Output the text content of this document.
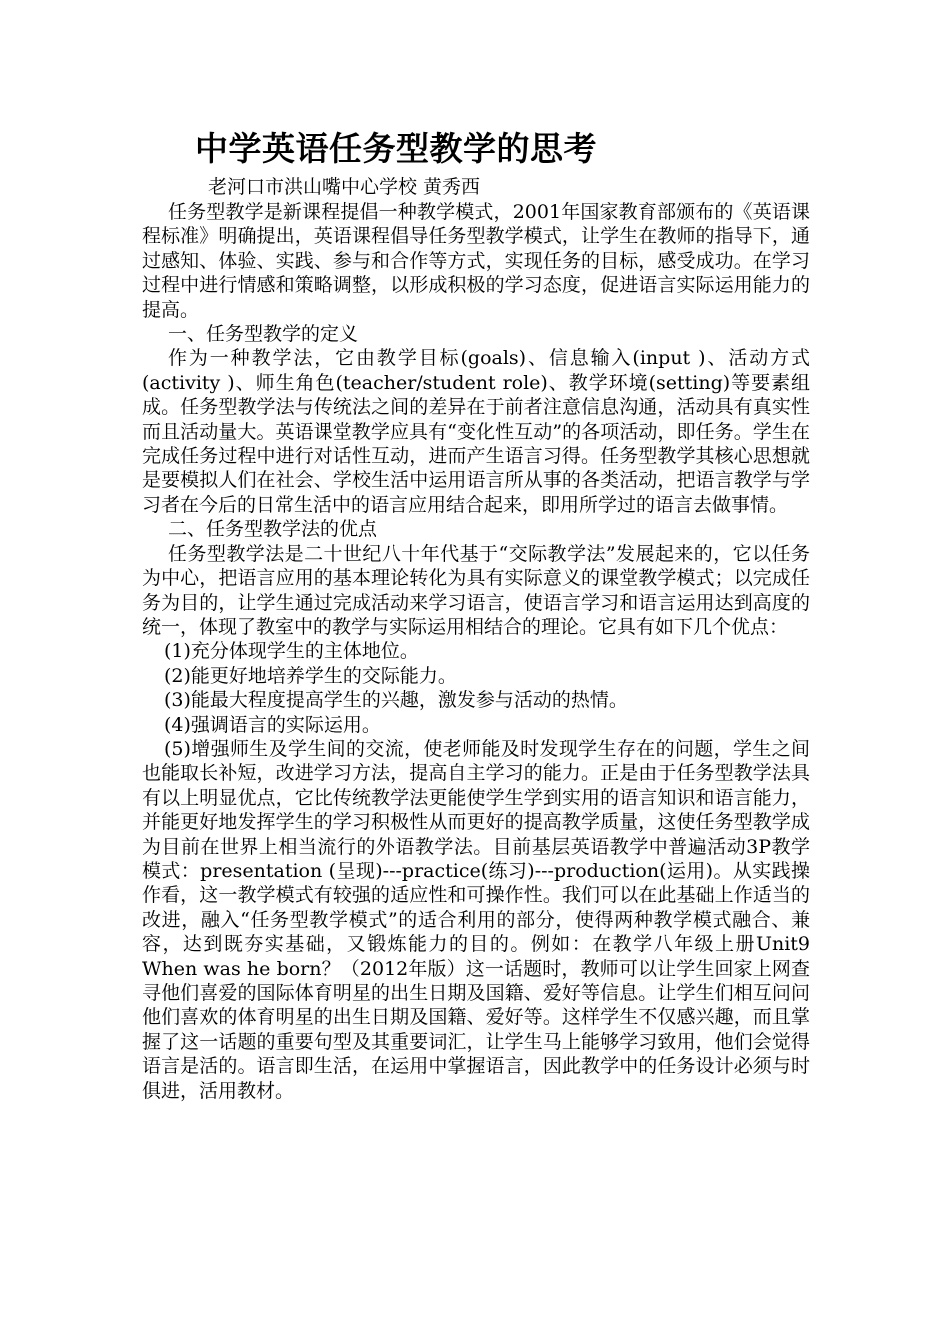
中学英语任务型教学的思考
老河口市洪山嘴中心学校 黄秀西

任务型教学是新课程提倡一种教学模式，2001年国家教育部颁布的《英语课程标准》明确提出，英语课程倡导任务型教学模式，让学生在教师的指导下，通过感知、体验、实践、参与和合作等方式，实现任务的目标，感受成功。在学习过程中进行情感和策略调整，以形成积极的学习态度，促进语言实际运用能力的提高。

一、任务型教学的定义

作为一种教学法，它由教学目标(goals)、信息输入(input )、活动方式(activity )、师生角色(teacher/student role)、教学环境(setting)等要素组成。任务型教学法与传统法之间的差异在于前者注意信息沟通，活动具有真实性而且活动量大。英语课堂教学应具有“变化性互动”的各项活动，即任务。学生在完成任务过程中进行对话性互动，进而产生语言习得。任务型教学其核心思想就是要模拟人们在社会、学校生活中运用语言所从事的各类活动，把语言教学与学习者在今后的日常生活中的语言应用结合起来，即用所学过的语言去做事情。

二、任务型教学法的优点

任务型教学法是二十世纪八十年代基于“交际教学法”发展起来的，它以任务为中心，把语言应用的基本理论转化为具有实际意义的课堂教学模式；以完成任务为目的，让学生通过完成活动来学习语言，使语言学习和语言运用达到高度的统一，体现了教室中的教学与实际运用相结合的理论。它具有如下几个优点：

(1)充分体现学生的主体地位。

(2)能更好地培养学生的交际能力。

(3)能最大程度提高学生的兴趣，激发参与活动的热情。

(4)强调语言的实际运用。

(5)增强师生及学生间的交流，使老师能及时发现学生存在的问题，学生之间也能取长补短，改进学习方法，提高自主学习的能力。正是由于任务型教学法具有以上明显优点，它比传统教学法更能使学生学到实用的语言知识和语言能力，并能更好地发挥学生的学习积极性从而更好的提高教学质量，这使任务型教学成为目前在世界上相当流行的外语教学法。目前基层英语教学中普遍活动3P教学模式：presentation (呈现)---practice(练习)---production(运用)。从实践操作看，这一教学模式有较强的适应性和可操作性。我们可以在此基础上作适当的改进，融入“任务型教学模式”的适合利用的部分，使得两种教学模式融合、兼容，达到既夯实基础，又锻炼能力的目的。例如：在教学八年级上册Unit9 When was he born？（2012年版）这一话题时，教师可以让学生回家上网查寻他们喜爱的国际体育明星的出生日期及国籍、爱好等信息。让学生们相互问问他们喜欢的体育明星的出生日期及国籍、爱好等。这样学生不仅感兴趣，而且掌握了这一话题的重要句型及其重要词汇，让学生马上能够学习致用，他们会觉得语言是活的。语言即生活，在运用中掌握语言，因此教学中的任务设计必须与时俱进，活用教材。
